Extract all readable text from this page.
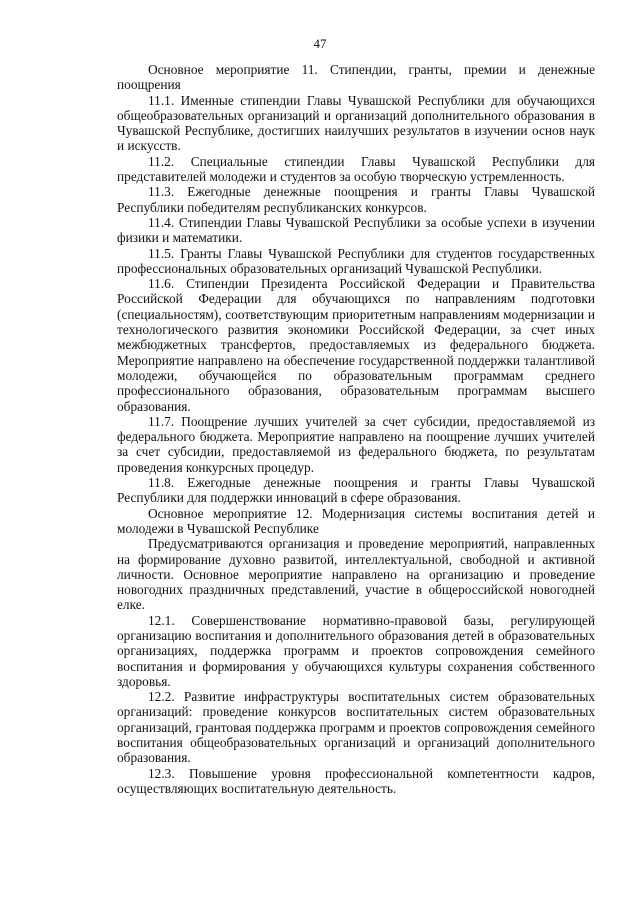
47

Основное мероприятие 11. Стипендии, гранты, премии и денежные поощрения

11.1. Именные стипендии Главы Чувашской Республики для обучающихся общеобразовательных организаций и организаций дополнительного образования в Чувашской Республике, достигших наилучших результатов в изучении основ наук и искусств.

11.2. Специальные стипендии Главы Чувашской Республики для представителей молодежи и студентов за особую творческую устремленность.

11.3. Ежегодные денежные поощрения и гранты Главы Чувашской Республики победителям республиканских конкурсов.

11.4. Стипендии Главы Чувашской Республики за особые успехи в изучении физики и математики.

11.5. Гранты Главы Чувашской Республики для студентов государственных профессиональных образовательных организаций Чувашской Республики.

11.6. Стипендии Президента Российской Федерации и Правительства Российской Федерации для обучающихся по направлениям подготовки (специальностям), соответствующим приоритетным направлениям модернизации и технологического развития экономики Российской Федерации, за счет иных межбюджетных трансфертов, предоставляемых из федерального бюджета. Мероприятие направлено на обеспечение государственной поддержки талантливой молодежи, обучающейся по образовательным программам среднего профессионального образования, образовательным программам высшего образования.

11.7. Поощрение лучших учителей за счет субсидии, предоставляемой из федерального бюджета. Мероприятие направлено на поощрение лучших учителей за счет субсидии, предоставляемой из федерального бюджета, по результатам проведения конкурсных процедур.

11.8. Ежегодные денежные поощрения и гранты Главы Чувашской Республики для поддержки инноваций в сфере образования.

Основное мероприятие 12. Модернизация системы воспитания детей и молодежи в Чувашской Республике

Предусматриваются организация и проведение мероприятий, направленных на формирование духовно развитой, интеллектуальной, свободной и активной личности. Основное мероприятие направлено на организацию и проведение новогодних праздничных представлений, участие в общероссийской новогодней елке.

12.1. Совершенствование нормативно-правовой базы, регулирующей организацию воспитания и дополнительного образования детей в образовательных организациях, поддержка программ и проектов сопровождения семейного воспитания и формирования у обучающихся культуры сохранения собственного здоровья.

12.2. Развитие инфраструктуры воспитательных систем образовательных организаций: проведение конкурсов воспитательных систем образовательных организаций, грантовая поддержка программ и проектов сопровождения семейного воспитания общеобразовательных организаций и организаций дополнительного образования.

12.3. Повышение уровня профессиональной компетентности кадров, осуществляющих воспитательную деятельность.
